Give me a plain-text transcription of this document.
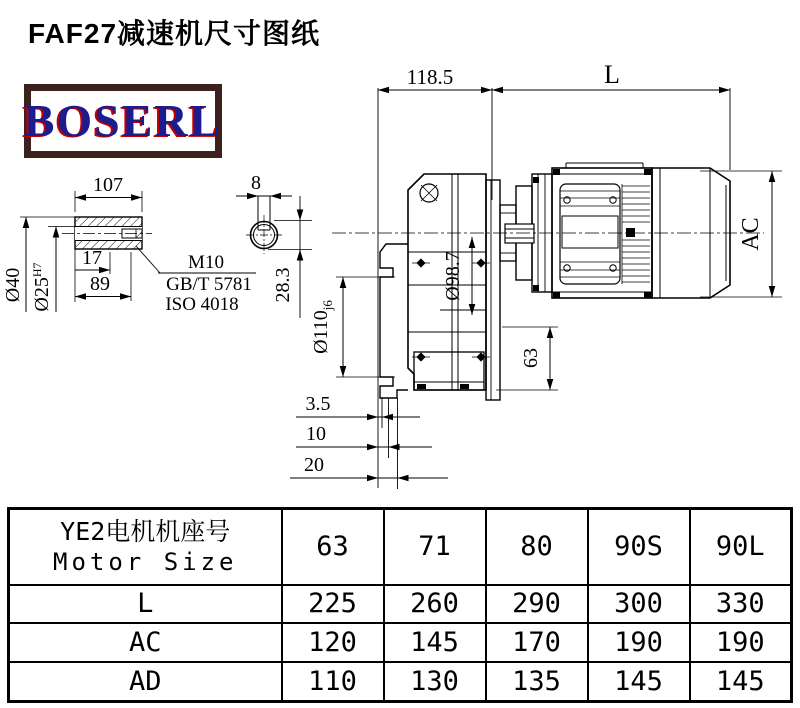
FAF27减速机尺寸图纸
BOSERL
107
17
89
Ø40 $Ø25^{H7}$	M10
GB/T 5781
ISO 4018
8
28.3
118.5	L
AC
Ø98.7
$Ø110_{j6}$
63
3.5
10
20
YE2电机机座号
Motor Size	63	71	80	90S	90L
L	225	260	290	300	330
AC	120	145	170	190	190
AD	110	130	135	145	145
